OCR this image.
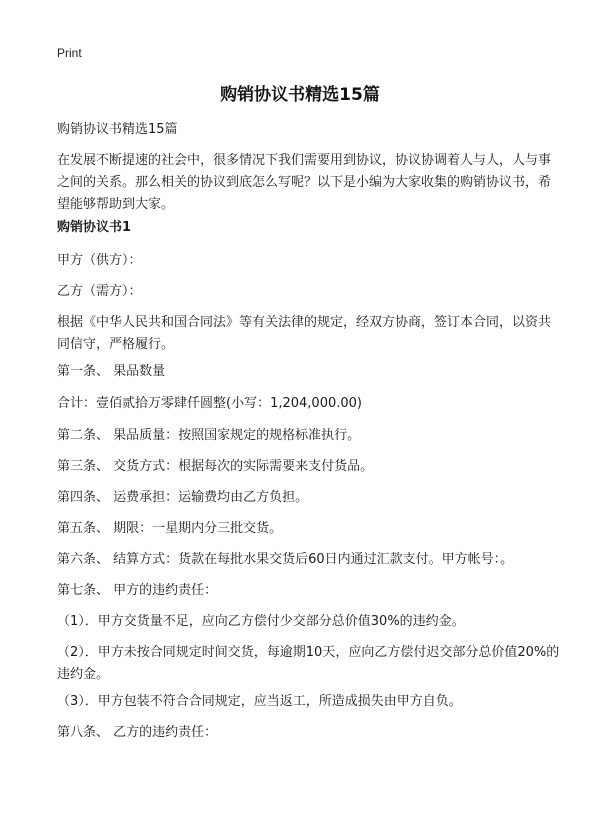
Print
购销协议书精选15篇
购销协议书精选15篇
在发展不断提速的社会中，很多情况下我们需要用到协议，协议协调着人与人，人与事之间的关系。那么相关的协议到底怎么写呢？以下是小编为大家收集的购销协议书，希望能够帮助到大家。
购销协议书1
甲方（供方）：
乙方（需方）：
根据《中华人民共和国合同法》等有关法律的规定，经双方协商，签订本合同，以资共同信守，严格履行。
第一条、 果品数量
合计：壹佰贰拾万零肆仟圆整(小写：1,204,000.00)
第二条、 果品质量：按照国家规定的规格标准执行。
第三条、 交货方式：根据每次的实际需要来支付货品。
第四条、 运费承担：运输费均由乙方负担。
第五条、 期限：一星期内分三批交货。
第六条、 结算方式：货款在每批水果交货后60日内通过汇款支付。甲方帐号：。
第七条、 甲方的违约责任：
（1）．甲方交货量不足，应向乙方偿付少交部分总价值30%的违约金。
（2）．甲方未按合同规定时间交货，每逾期10天，应向乙方偿付迟交部分总价值20%的违约金。
（3）．甲方包装不符合合同规定，应当返工，所造成损失由甲方自负。
第八条、 乙方的违约责任：
